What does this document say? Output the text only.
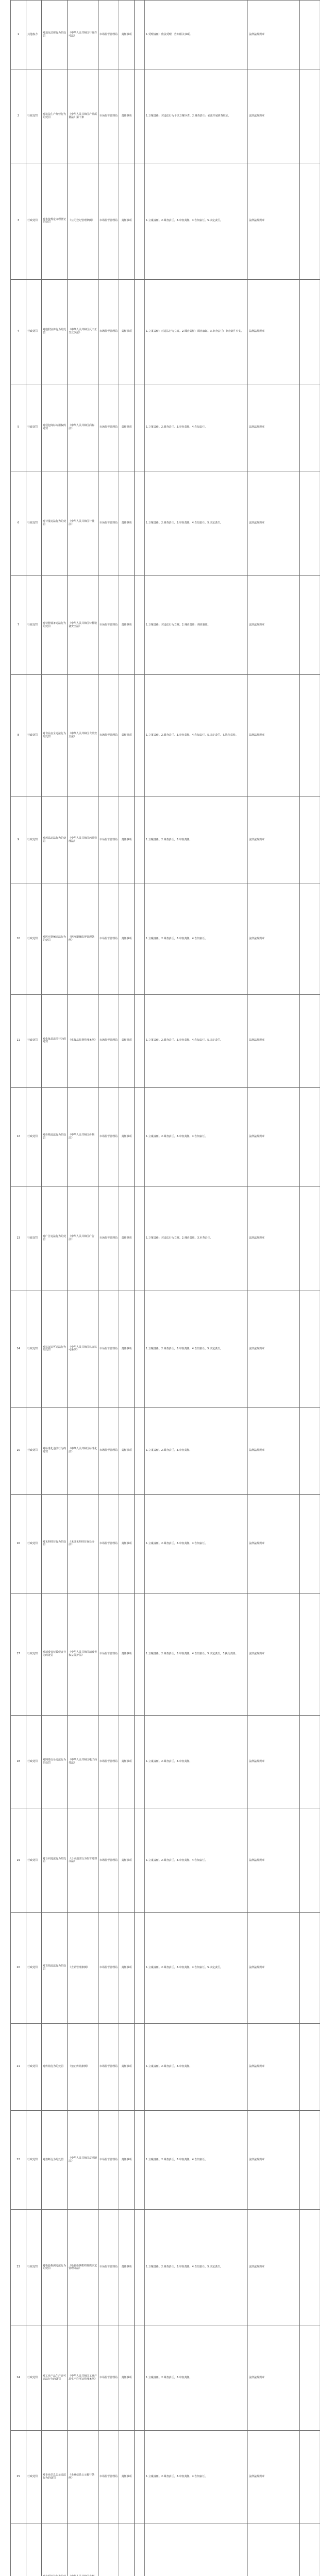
1	其他权力	对违反法律行为的处罚	《中华人民共和国行政许可法》	市场监督管理局	责任事项		1.受理责任：依法受理，告知相关事项。	法律法规规章	
2	行政处罚	对违法生产经营行为的处罚	《中华人民共和国产品质量法》第十条	市场监督管理局	责任事项		1.立案责任：对违法行为予以立案审查。2.调查责任：依法开展调查取证。	法律法规规章	
3	行政处罚	对未按规定办理登记的处罚	《公司登记管理条例》	市场监督管理局	责任事项		1.立案责任。2.调查责任。3.审查责任。4.告知责任。5.决定责任。	法律法规规章	
4	行政处罚	对虚假宣传行为的处罚	《中华人民共和国反不正当竞争法》	市场监督管理局	责任事项		1.立案责任：对违法行为立案。2.调查责任：调查取证。3.审查责任：审查案件事实。	法律法规规章	
5	行政处罚	对侵犯商标专用权的处罚	《中华人民共和国商标法》	市场监督管理局	责任事项		1.立案责任。2.调查责任。3.审查责任。4.告知责任。	法律法规规章	
6	行政处罚	对计量违法行为的处罚	《中华人民共和国计量法》	市场监督管理局	责任事项		1.立案责任。2.调查责任。3.审查责任。4.告知责任。5.决定责任。	法律法规规章	
7	行政处罚	对特种设备违法行为的处罚	《中华人民共和国特种设备安全法》	市场监督管理局	责任事项		1.立案责任：对违法行为立案。2.调查责任：调查取证。	法律法规规章	
8	行政处罚	对食品安全违法行为的处罚	《中华人民共和国食品安全法》	市场监督管理局	责任事项		1.立案责任。2.调查责任。3.审查责任。4.告知责任。5.决定责任。6.执行责任。	法律法规规章	
9	行政处罚	对药品违法行为的处罚	《中华人民共和国药品管理法》	市场监督管理局	责任事项		1.立案责任。2.调查责任。3.审查责任。	法律法规规章	
10	行政处罚	对医疗器械违法行为的处罚	《医疗器械监督管理条例》	市场监督管理局	责任事项		1.立案责任。2.调查责任。3.审查责任。4.告知责任。	法律法规规章	
11	行政处罚	对化妆品违法行为的处罚	《化妆品监督管理条例》	市场监督管理局	责任事项		1.立案责任。2.调查责任。3.审查责任。4.告知责任。5.决定责任。	法律法规规章	
12	行政处罚	对价格违法行为的处罚	《中华人民共和国价格法》	市场监督管理局	责任事项		1.立案责任。2.调查责任。3.审查责任。4.告知责任。	法律法规规章	
13	行政处罚	对广告违法行为的处罚	《中华人民共和国广告法》	市场监督管理局	责任事项		1.立案责任：对违法行为立案。2.调查责任。3.审查责任。	法律法规规章	
14	行政处罚	对认证认可违法行为的处罚	《中华人民共和国认证认可条例》	市场监督管理局	责任事项		1.立案责任。2.调查责任。3.审查责任。4.告知责任。5.决定责任。	法律法规规章	
15	行政处罚	对标准化违法行为的处罚	《中华人民共和国标准化法》	市场监督管理局	责任事项		1.立案责任。2.调查责任。3.审查责任。	法律法规规章	
16	行政处罚	对无照经营行为的处罚	《无证无照经营查处办法》	市场监督管理局	责任事项		1.立案责任。2.调查责任。3.审查责任。4.告知责任。	法律法规规章	
17	行政处罚	对消费者权益侵害行为的处罚	《中华人民共和国消费者权益保护法》	市场监督管理局	责任事项		1.立案责任。2.调查责任。3.审查责任。4.告知责任。5.决定责任。6.执行责任。	法律法规规章	
18	行政处罚	对网络交易违法行为的处罚	《中华人民共和国电子商务法》	市场监督管理局	责任事项		1.立案责任。2.调查责任。3.审查责任。	法律法规规章	
19	行政处罚	对合同违法行为的处罚	《合同违法行为监督处理办法》	市场监督管理局	责任事项		1.立案责任。2.调查责任。3.审查责任。4.告知责任。	法律法规规章	
20	行政处罚	对直销违法行为的处罚	《直销管理条例》	市场监督管理局	责任事项		1.立案责任。2.调查责任。3.审查责任。4.告知责任。5.决定责任。	法律法规规章	
21	行政处罚	对传销行为的处罚	《禁止传销条例》	市场监督管理局	责任事项		1.立案责任。2.调查责任。3.审查责任。	法律法规规章	
22	行政处罚	对垄断行为的处罚	《中华人民共和国反垄断法》	市场监督管理局	责任事项		1.立案责任。2.调查责任。3.审查责任。4.告知责任。	法律法规规章	
23	行政处罚	对检验检测违法行为的处罚	《检验检测机构资质认定管理办法》	市场监督管理局	责任事项		1.立案责任。2.调查责任。3.审查责任。4.告知责任。5.决定责任。	法律法规规章	
24	行政处罚	对工业产品生产许可违法行为的处罚	《中华人民共和国工业产品生产许可证管理条例》	市场监督管理局	责任事项		1.立案责任。2.调查责任。3.审查责任。	法律法规规章	
25	行政处罚	对企业信息公示违法行为的处罚	《企业信息公示暂行条例》	市场监督管理局	责任事项		1.立案责任。2.调查责任。3.审查责任。4.告知责任。	法律法规规章	
